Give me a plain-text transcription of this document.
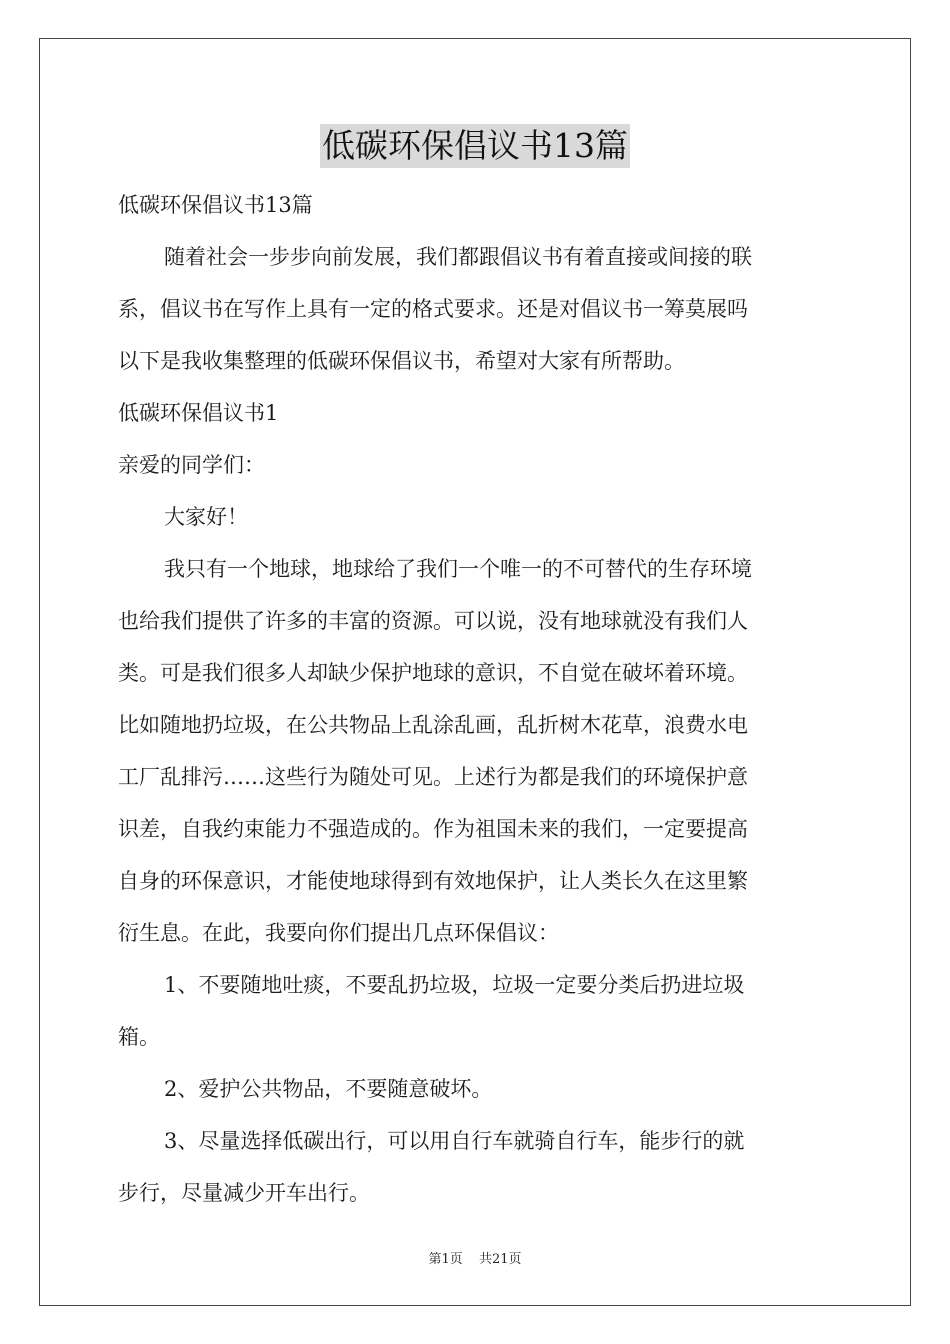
低碳环保倡议书13篇
低碳环保倡议书13篇
随着社会一步步向前发展，我们都跟倡议书有着直接或间接的联
系，倡议书在写作上具有一定的格式要求。还是对倡议书一筹莫展吗
以下是我收集整理的低碳环保倡议书，希望对大家有所帮助。
低碳环保倡议书1
亲爱的同学们：
大家好！
我只有一个地球，地球给了我们一个唯一的不可替代的生存环境
也给我们提供了许多的丰富的资源。可以说，没有地球就没有我们人
类。可是我们很多人却缺少保护地球的意识，不自觉在破坏着环境。
比如随地扔垃圾，在公共物品上乱涂乱画，乱折树木花草，浪费水电
工厂乱排污……这些行为随处可见。上述行为都是我们的环境保护意
识差，自我约束能力不强造成的。作为祖国未来的我们，一定要提高
自身的环保意识，才能使地球得到有效地保护，让人类长久在这里繁
衍生息。在此，我要向你们提出几点环保倡议：
1、不要随地吐痰，不要乱扔垃圾，垃圾一定要分类后扔进垃圾
箱。
2、爱护公共物品，不要随意破坏。
3、尽量选择低碳出行，可以用自行车就骑自行车，能步行的就
步行，尽量减少开车出行。
第1页 共21页
